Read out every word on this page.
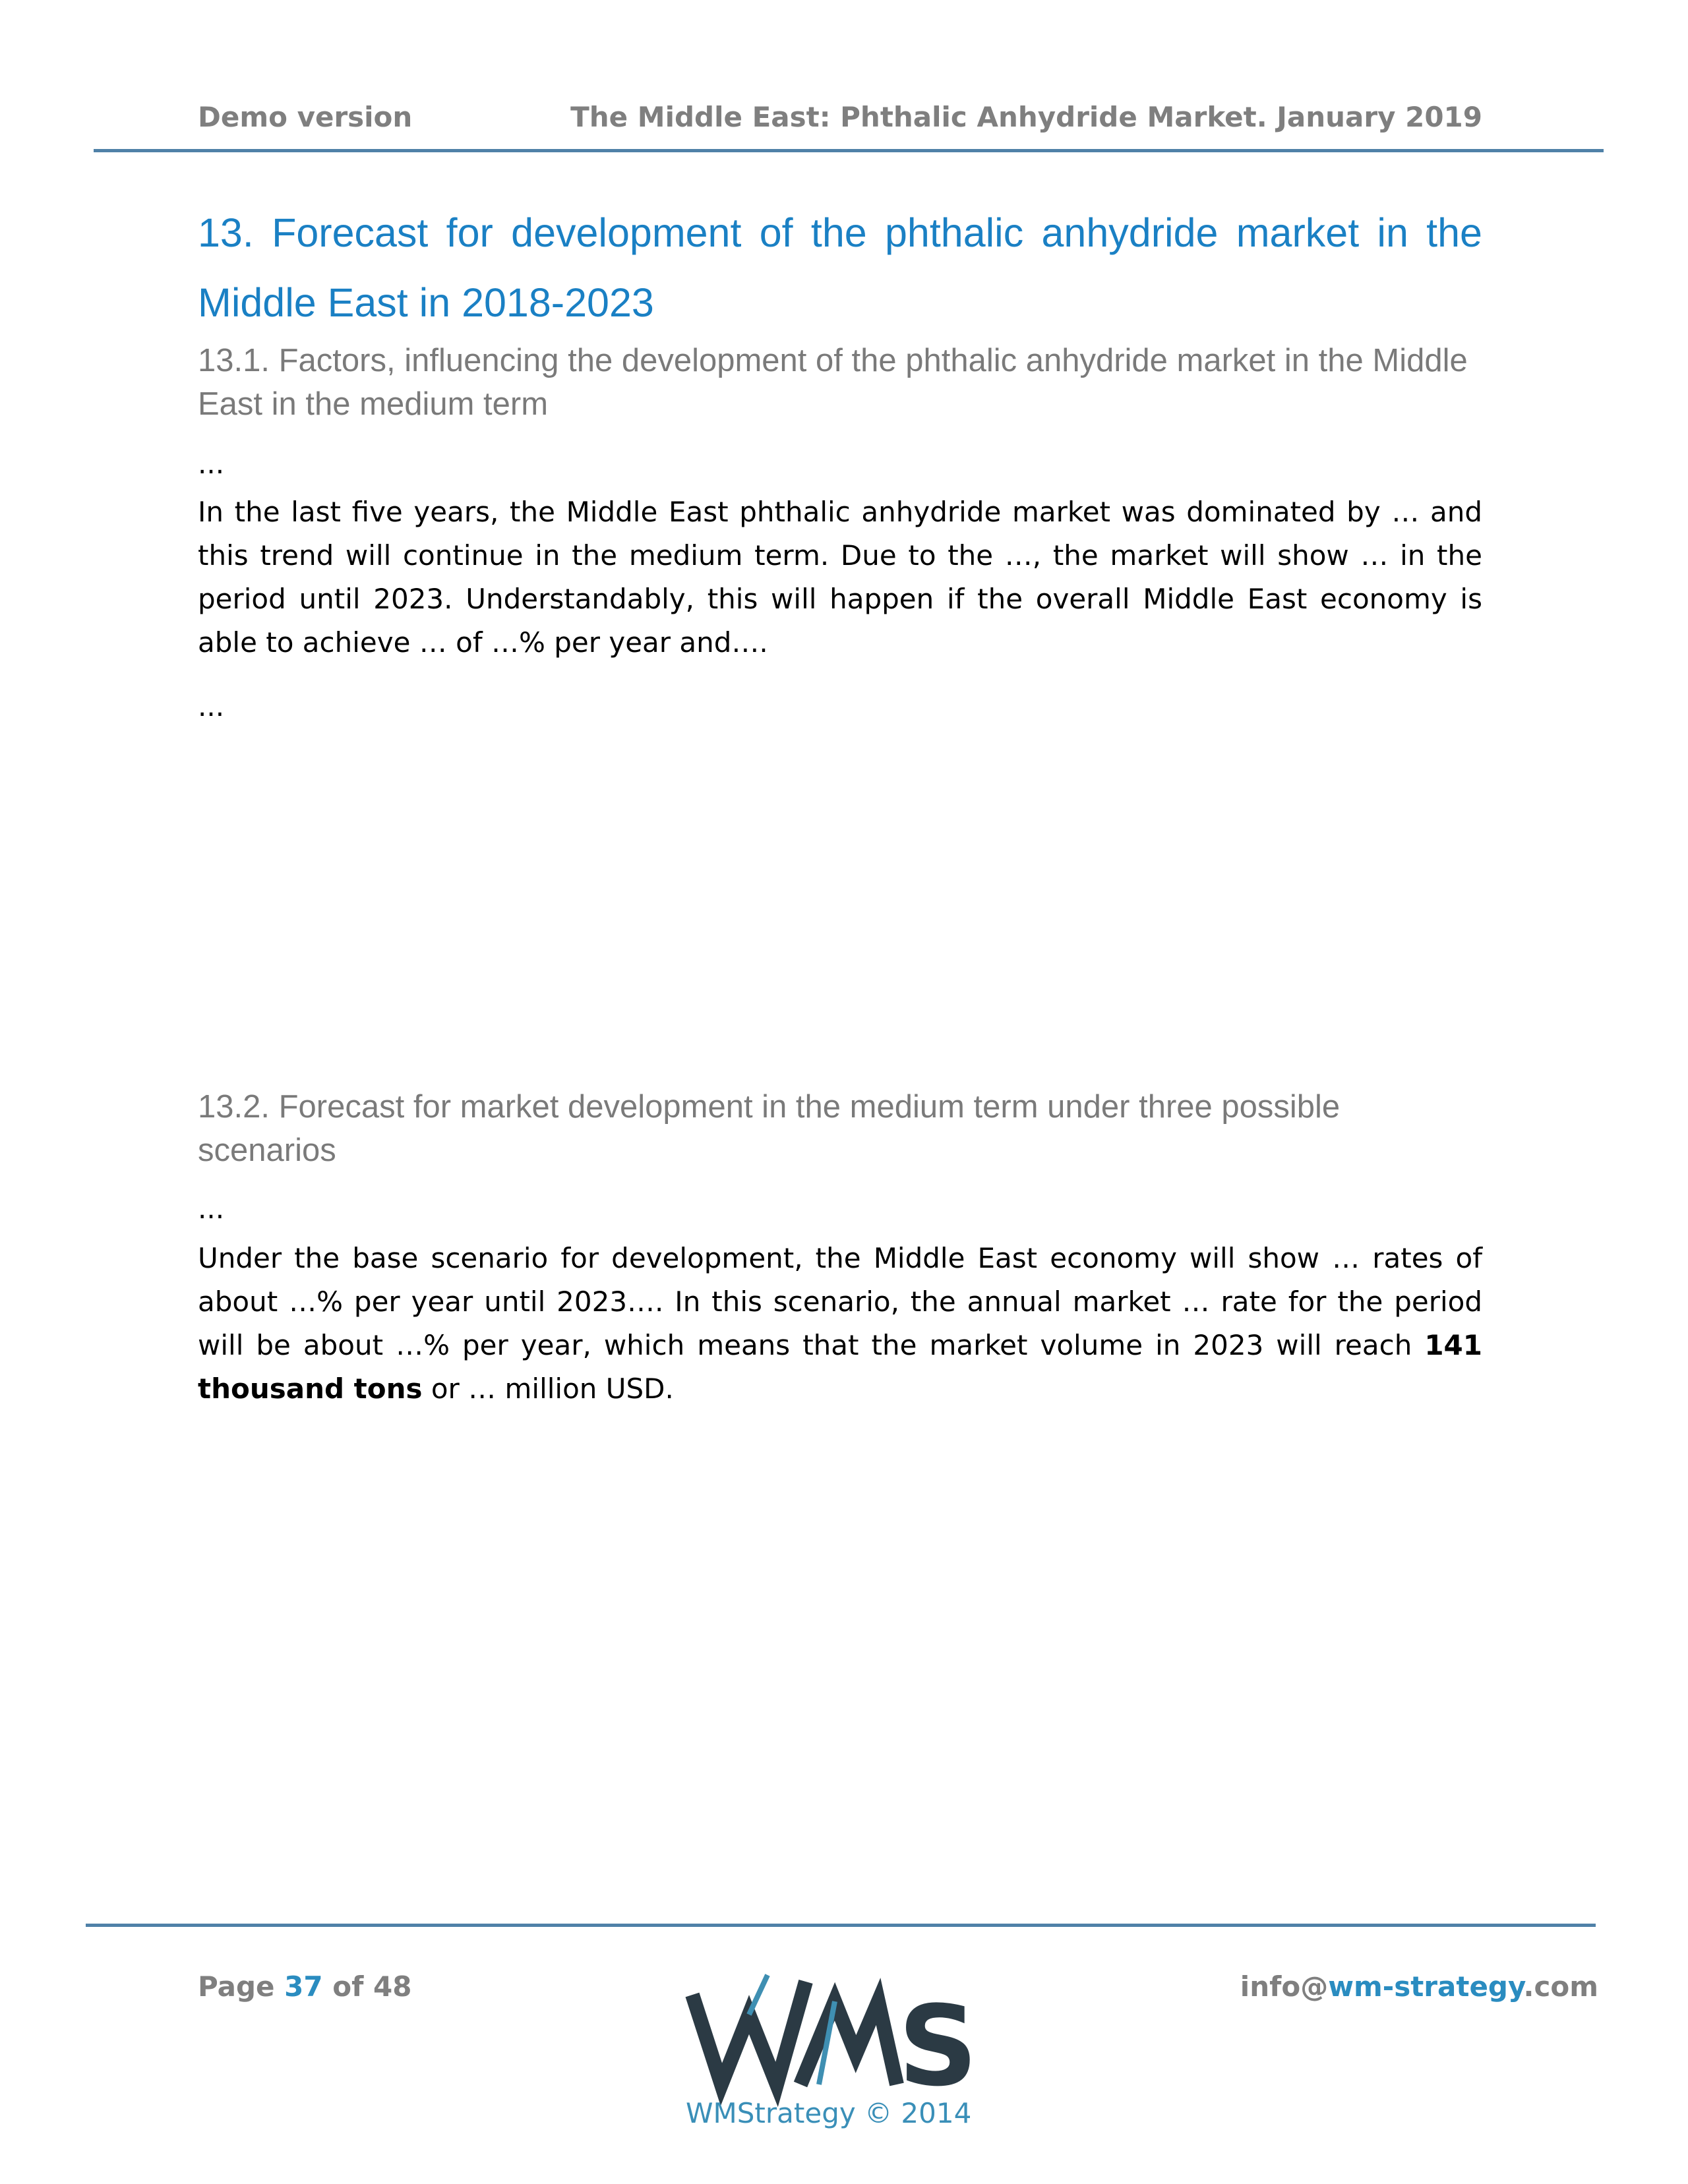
Demo version	The Middle East: Phthalic Anhydride Market. January 2019
13. Forecast for development of the phthalic anhydride market in the Middle East in 2018-2023
13.1. Factors, influencing the development of the phthalic anhydride market in the Middle East in the medium term
...
In the last five years, the Middle East phthalic anhydride market was dominated by … and this trend will continue in the medium term. Due to the …, the market will show … in the period until 2023. Understandably, this will happen if the overall Middle East economy is able to achieve … of …% per year and….
...
13.2. Forecast for market development in the medium term under three possible scenarios
...
Under the base scenario for development, the Middle East economy will show … rates of about …% per year until 2023…. In this scenario, the annual market … rate for the period will be about …% per year, which means that the market volume in 2023 will reach 141 thousand tons or … million USD.
Page 37 of 48	S
WMStrategy © 2014
info@wm-strategy.com
